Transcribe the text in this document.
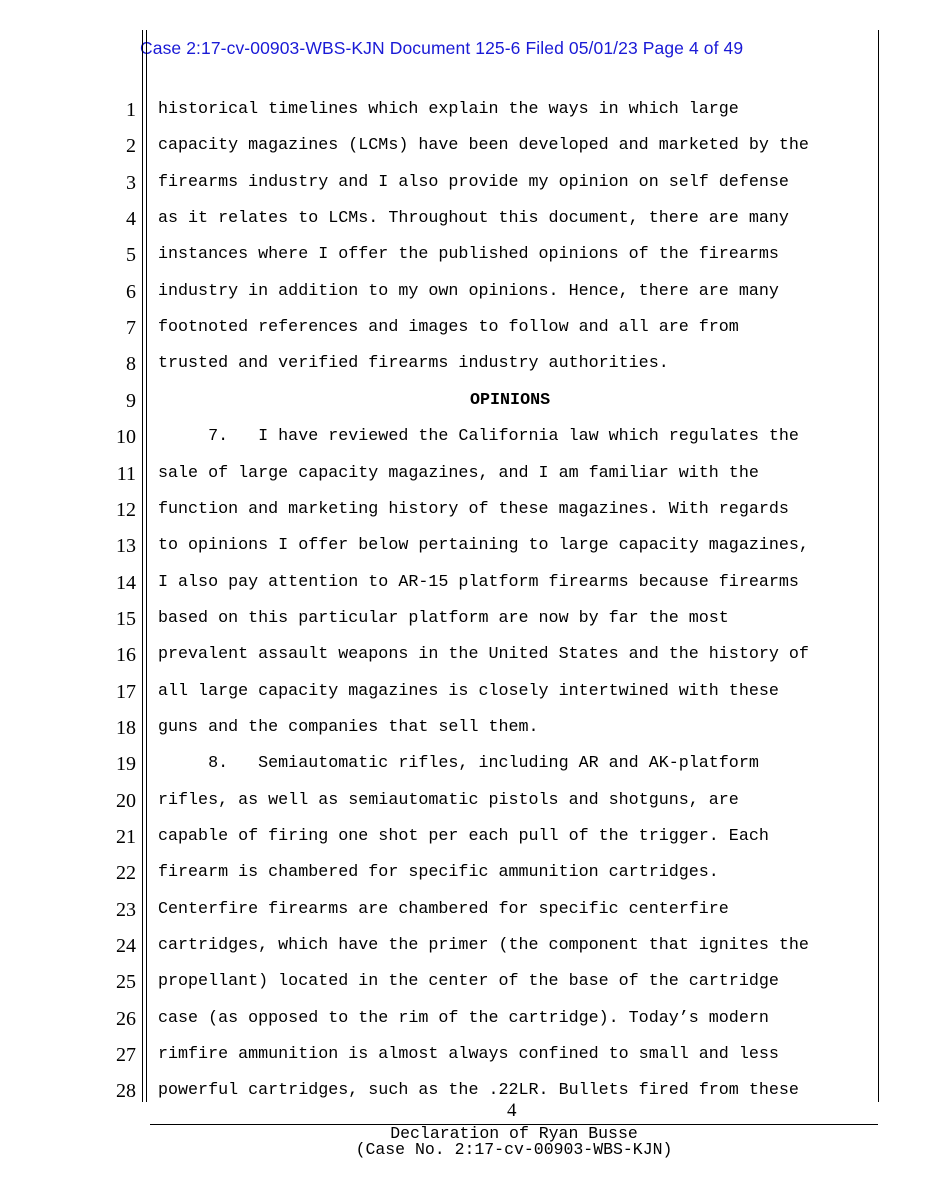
Case 2:17-cv-00903-WBS-KJN Document 125-6 Filed 05/01/23 Page 4 of 49
1
2
3
4
5
6
7
8
9
10
11
12
13
14
15
16
17
18
19
20
21
22
23
24
25
26
27
28
historical timelines which explain the ways in which large
capacity magazines (LCMs) have been developed and marketed by the
firearms industry and I also provide my opinion on self defense
as it relates to LCMs. Throughout this document, there are many
instances where I offer the published opinions of the firearms
industry in addition to my own opinions. Hence, there are many
footnoted references and images to follow and all are from
trusted and verified firearms industry authorities.
OPINIONS
7.   I have reviewed the California law which regulates the
sale of large capacity magazines, and I am familiar with the
function and marketing history of these magazines. With regards
to opinions I offer below pertaining to large capacity magazines,
I also pay attention to AR-15 platform firearms because firearms
based on this particular platform are now by far the most
prevalent assault weapons in the United States and the history of
all large capacity magazines is closely intertwined with these
guns and the companies that sell them.
8.   Semiautomatic rifles, including AR and AK-platform
rifles, as well as semiautomatic pistols and shotguns, are
capable of firing one shot per each pull of the trigger. Each
firearm is chambered for specific ammunition cartridges.
Centerfire firearms are chambered for specific centerfire
cartridges, which have the primer (the component that ignites the
propellant) located in the center of the base of the cartridge
case (as opposed to the rim of the cartridge). Today’s modern
rimfire ammunition is almost always confined to small and less
powerful cartridges, such as the .22LR. Bullets fired from these
4
Declaration of Ryan Busse
(Case No. 2:17-cv-00903-WBS-KJN)
